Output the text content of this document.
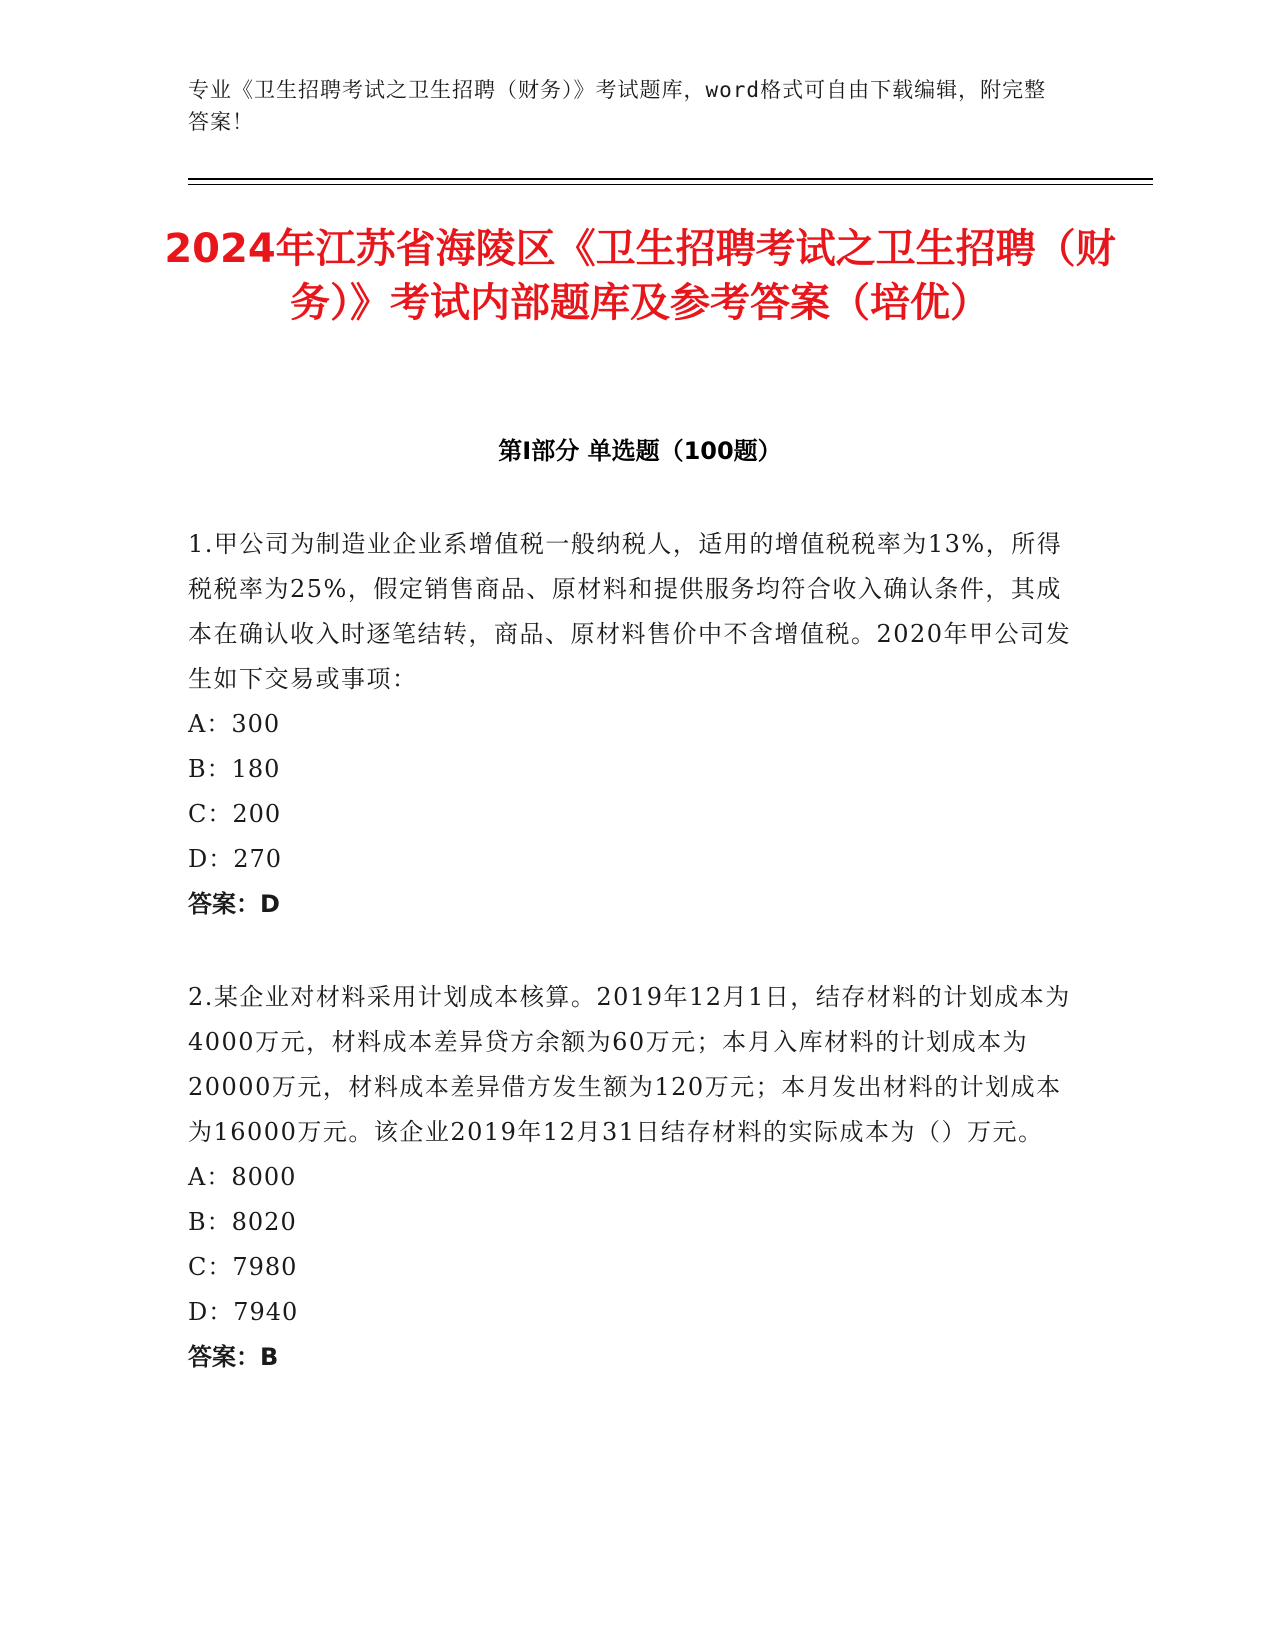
专业《卫生招聘考试之卫生招聘（财务）》考试题库，word格式可自由下载编辑，附完整答案！
2024年江苏省海陵区《卫生招聘考试之卫生招聘（财务）》考试内部题库及参考答案（培优）
第Ⅰ部分 单选题（100题）

1.甲公司为制造业企业系增值税一般纳税人，适用的增值税税率为13%，所得税税率为25%，假定销售商品、原材料和提供服务均符合收入确认条件，其成本在确认收入时逐笔结转，商品、原材料售价中不含增值税。2020年甲公司发生如下交易或事项：

A：300

B：180

C：200

D：270

答案：D

2.某企业对材料采用计划成本核算。2019年12月1日，结存材料的计划成本为4000万元，材料成本差异贷方余额为60万元；本月入库材料的计划成本为20000万元，材料成本差异借方发生额为120万元；本月发出材料的计划成本为16000万元。该企业2019年12月31日结存材料的实际成本为（）万元。

A：8000

B：8020

C：7980

D：7940

答案：B
